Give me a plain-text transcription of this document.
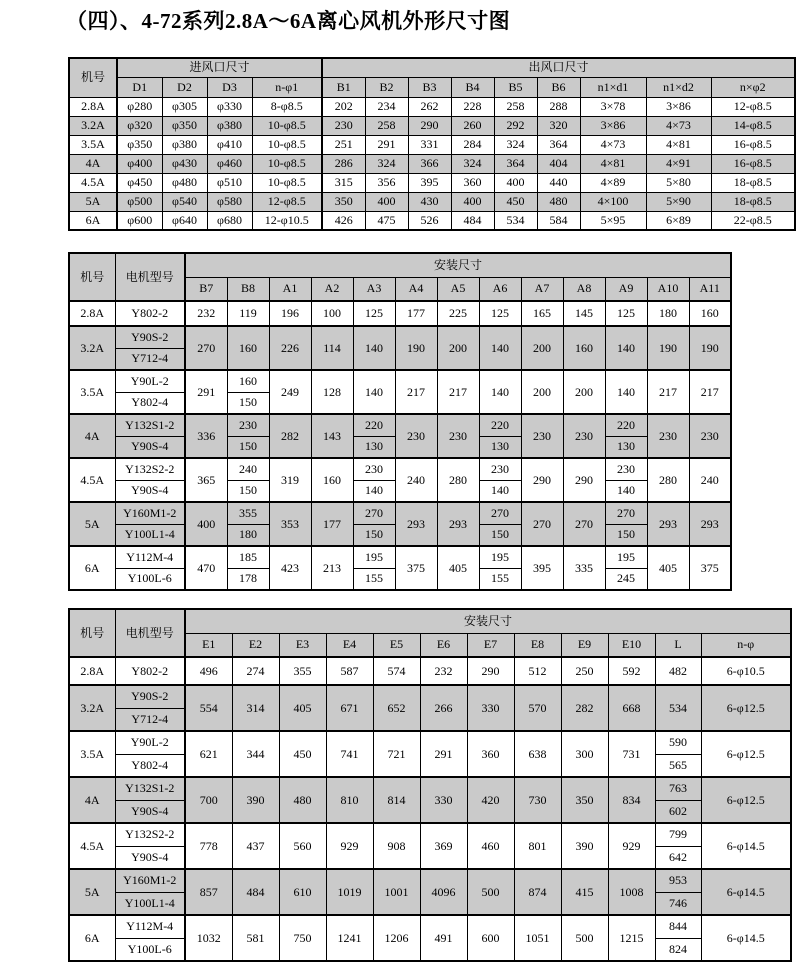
（四）、4-72系列2.8A～6A离心风机外形尺寸图
机号	进风口尺寸				出风口尺寸								
	D1	D2	D3	n-φ1	B1	B2	B3	B4	B5	B6	n1×d1	n1×d2	n×φ2
2.8A	φ280	φ305	φ330	8-φ8.5	202	234	262	228	258	288	3×78	3×86	12-φ8.5
3.2A	φ320	φ350	φ380	10-φ8.5	230	258	290	260	292	320	3×86	4×73	14-φ8.5
3.5A	φ350	φ380	φ410	10-φ8.5	251	291	331	284	324	364	4×73	4×81	16-φ8.5
4A	φ400	φ430	φ460	10-φ8.5	286	324	366	324	364	404	4×81	4×91	16-φ8.5
4.5A	φ450	φ480	φ510	10-φ8.5	315	356	395	360	400	440	4×89	5×80	18-φ8.5
5A	φ500	φ540	φ580	12-φ8.5	350	400	430	400	450	480	4×100	5×90	18-φ8.5
6A	φ600	φ640	φ680	12-φ10.5	426	475	526	484	534	584	5×95	6×89	22-φ8.5
机号	电机型号	安装尺寸												
		B7	B8	A1	A2	A3	A4	A5	A6	A7	A8	A9	A10	A11
2.8A	Y802-2	232	119	196	100	125	177	225	125	165	145	125	180	160
3.2A	Y90S-2	270	160	226	114	140	190	200	140	200	160	140	190	190
	Y712-4													
3.5A	Y90L-2	291	160	249	128	140	217	217	140	200	200	140	217	217
	Y802-4		150											
4A	Y132S1-2	336	230	282	143	220	230	230	220	230	230	220	230	230
	Y90S-4		150			130			130			130		
4.5A	Y132S2-2	365	240	319	160	230	240	280	230	290	290	230	280	240
	Y90S-4		150			140			140			140		
5A	Y160M1-2	400	355	353	177	270	293	293	270	270	270	270	293	293
	Y100L1-4		180			150			150			150		
6A	Y112M-4	470	185	423	213	195	375	405	195	395	335	195	405	375
	Y100L-6		178			155			155			245		
机号	电机型号	安装尺寸											
		E1	E2	E3	E4	E5	E6	E7	E8	E9	E10	L	n-φ
2.8A	Y802-2	496	274	355	587	574	232	290	512	250	592	482	6-φ10.5
3.2A	Y90S-2	554	314	405	671	652	266	330	570	282	668	534	6-φ12.5
	Y712-4												
3.5A	Y90L-2	621	344	450	741	721	291	360	638	300	731	590	6-φ12.5
	Y802-4											565	
4A	Y132S1-2	700	390	480	810	814	330	420	730	350	834	763	6-φ12.5
	Y90S-4											602	
4.5A	Y132S2-2	778	437	560	929	908	369	460	801	390	929	799	6-φ14.5
	Y90S-4											642	
5A	Y160M1-2	857	484	610	1019	1001	4096	500	874	415	1008	953	6-φ14.5
	Y100L1-4											746	
6A	Y112M-4	1032	581	750	1241	1206	491	600	1051	500	1215	844	6-φ14.5
	Y100L-6											824	
